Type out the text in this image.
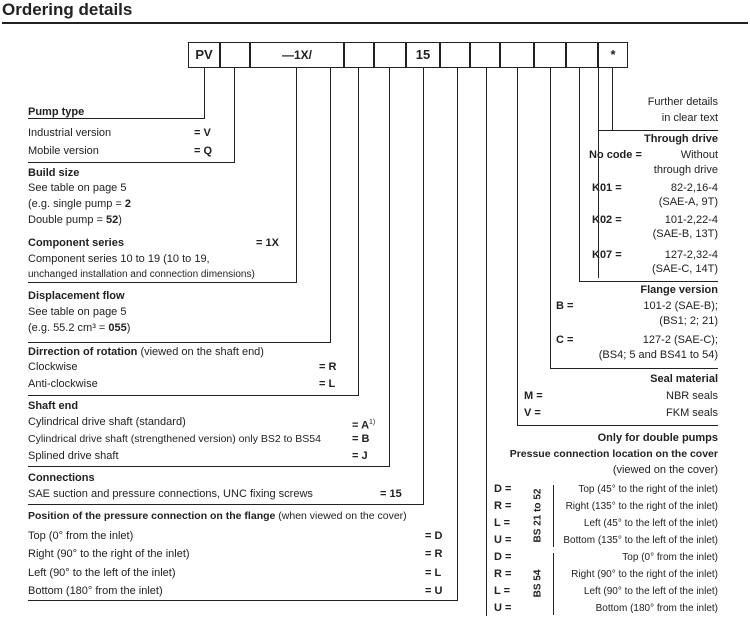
Ordering details
PV	—1X/	15	*
Further details
in clear text
Through drive
No code =	Without
through drive
K01 =	82-2,16-4
(SAE-A, 9T)
K02 =	101-2,22-4
(SAE-B, 13T)
K07 =	127-2,32-4
(SAE-C, 14T)
Flange version
B =	101-2 (SAE-B);
(BS1; 2; 21)
C =	127-2 (SAE-C);
(BS4; 5 and BS41 to 54)
Seal material
M =	NBR seals
V =	FKM seals
Only for double pumps
Pressue connection location on the cover
(viewed on the cover)
D =	Top (45° to the right of the inlet)
R =	Right (135° to the right of the inlet)
L =	Left (45° to the left of the inlet)
U =	Bottom (135° to the left of the inlet)
BS 21 to 52
D =	Top (0° from the inlet)
R =	Right (90° to the right of the inlet)
L =	Left (90° to the left of the inlet)
U =	Bottom (180° from the inlet)
BS 54
Pump type
Industrial version	= V
Mobile version	= Q
Build size
See table on page 5
(e.g. single pump = 2
Double pump = 52)
Component series	= 1X
Component series 10 to 19 (10 to 19,
unchanged installation and connection dimensions)
Displacement flow
See table on page 5
(e.g. 55.2 cm³ = 055)
Dirrection of rotation (viewed on the shaft end)
Clockwise	= R
Anti-clockwise	= L
Shaft end
Cylindrical drive shaft (standard)	= $A^{1)}$
Cylindrical drive shaft (strengthened version) only BS2 to BS54	= B
Splined drive shaft	= J
Connections
SAE suction and pressure connections, UNC fixing screws	= 15
Position of the pressure connection on the flange (when viewed on the cover)
Top (0° from the inlet)	= D
Right (90° to the right of the inlet)	= R
Left (90° to the left of the inlet)	= L
Bottom (180° from the inlet)	= U
